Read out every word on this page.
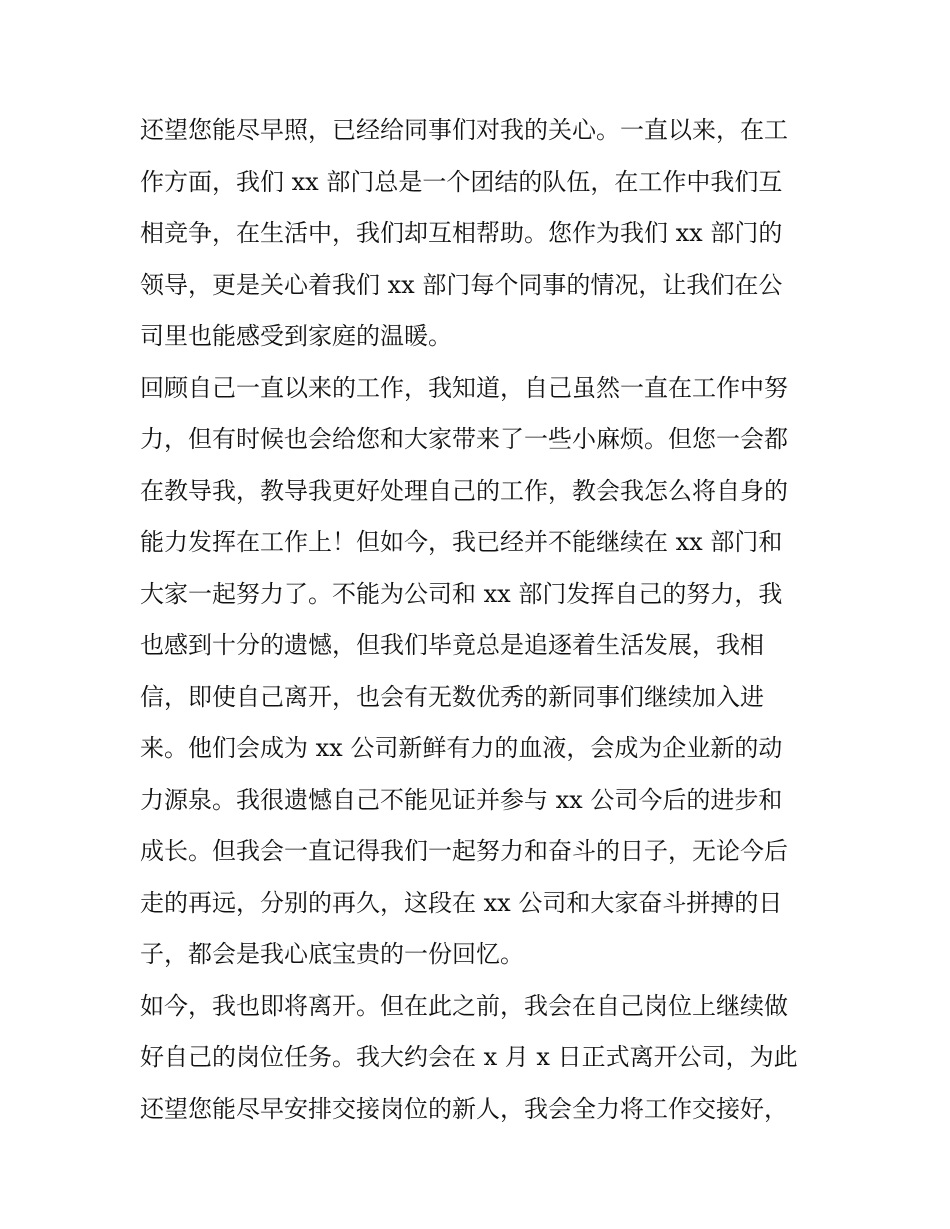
还望您能尽早照，已经给同事们对我的关心。一直以来，在工
作方面，我们 xx 部门总是一个团结的队伍，在工作中我们互
相竞争，在生活中，我们却互相帮助。您作为我们 xx 部门的
领导，更是关心着我们 xx 部门每个同事的情况，让我们在公
司里也能感受到家庭的温暖。
回顾自己一直以来的工作，我知道，自己虽然一直在工作中努
力，但有时候也会给您和大家带来了一些小麻烦。但您一会都
在教导我，教导我更好处理自己的工作，教会我怎么将自身的
能力发挥在工作上！但如今，我已经并不能继续在 xx 部门和
大家一起努力了。不能为公司和 xx 部门发挥自己的努力，我
也感到十分的遗憾，但我们毕竟总是追逐着生活发展，我相
信，即使自己离开，也会有无数优秀的新同事们继续加入进
来。他们会成为 xx 公司新鲜有力的血液，会成为企业新的动
力源泉。我很遗憾自己不能见证并参与 xx 公司今后的进步和
成长。但我会一直记得我们一起努力和奋斗的日子，无论今后
走的再远，分别的再久，这段在 xx 公司和大家奋斗拼搏的日
子，都会是我心底宝贵的一份回忆。
如今，我也即将离开。但在此之前，我会在自己岗位上继续做
好自己的岗位任务。我大约会在 x 月 x 日正式离开公司，为此
还望您能尽早安排交接岗位的新人，我会全力将工作交接好，
